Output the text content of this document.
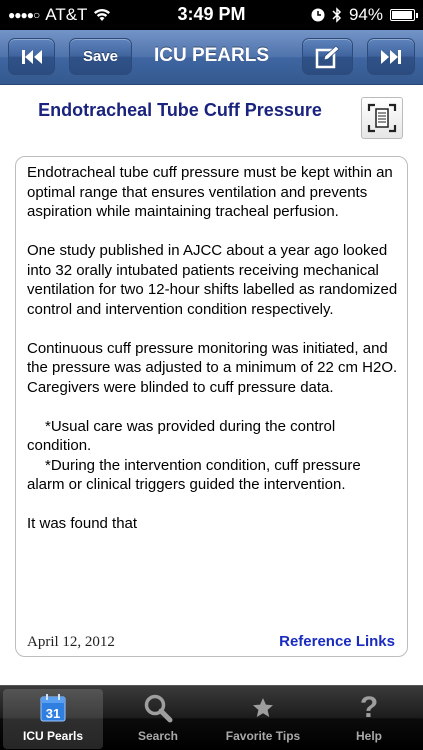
●●●●○ AT&T	3:49 PM	94%
Save	ICU PEARLS
Endotracheal Tube Cuff Pressure

Endotracheal tube cuff pressure must be kept within an optimal range that ensures ventilation and prevents aspiration while maintaining tracheal perfusion.

One study published in AJCC about a year ago looked into 32 orally intubated patients receiving mechanical ventilation for two 12-hour shifts labelled as randomized control and intervention condition respectively.

Continuous cuff pressure monitoring was initiated, and the pressure was adjusted to a minimum of 22 cm H2O. Caregivers were blinded to cuff pressure data.

*Usual care was provided during the control condition.

*During the intervention condition, cuff pressure alarm or clinical triggers guided the intervention.

It was found that

April 12, 2012	Reference Links
31
ICU Pearls	Search	Favorite Tips
?
Help
